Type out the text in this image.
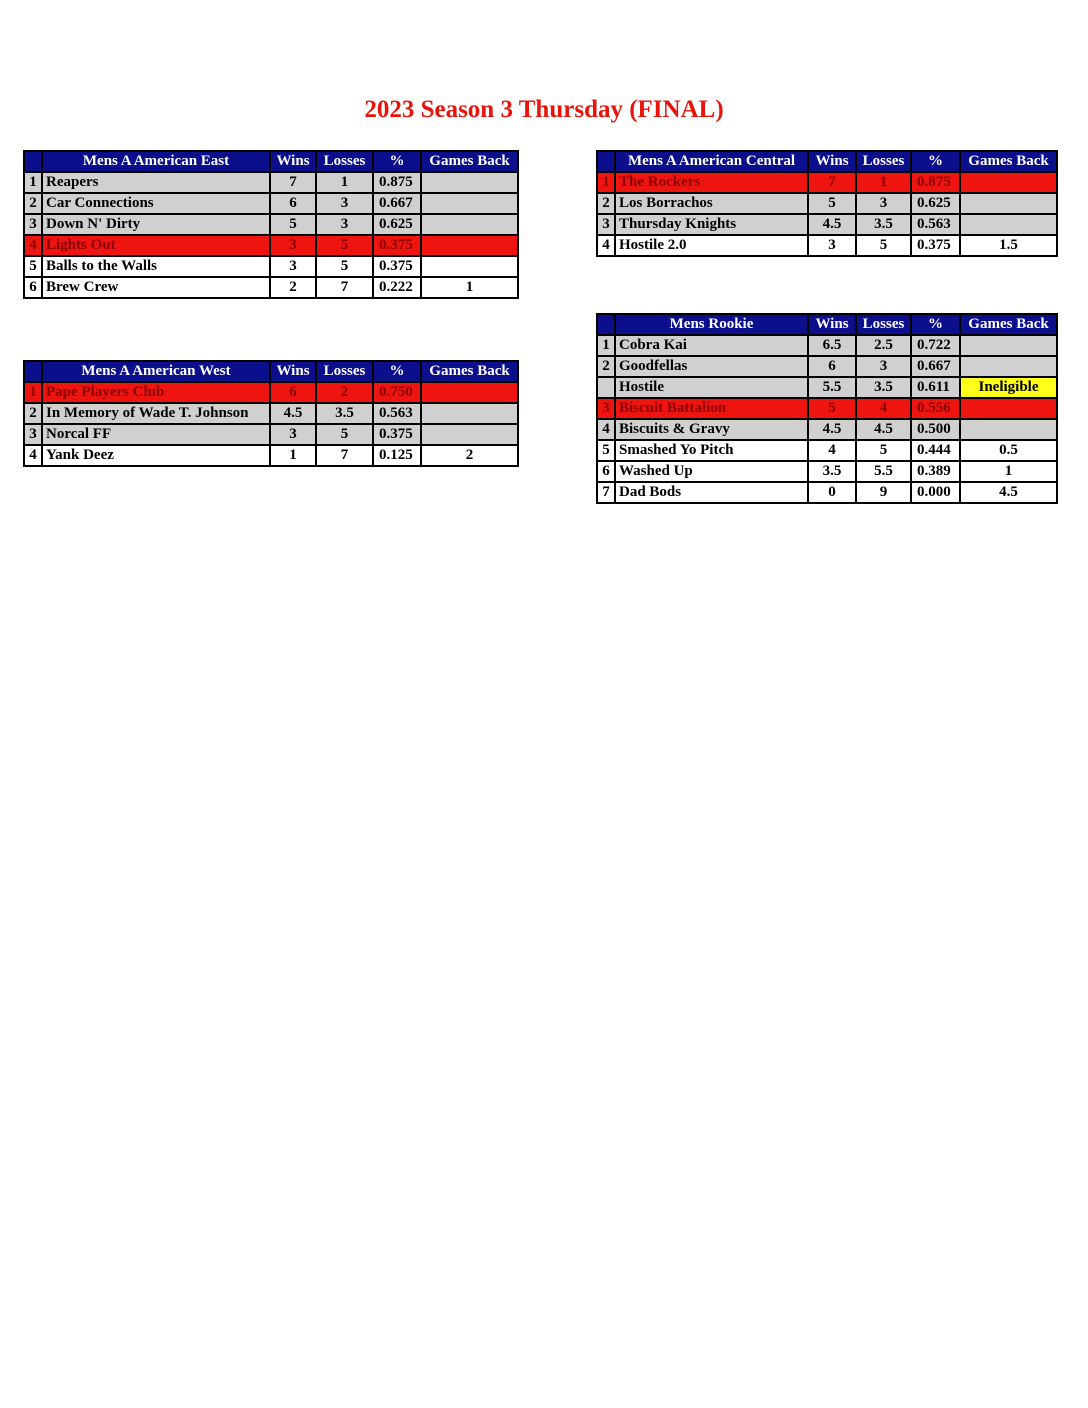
2023 Season 3 Thursday (FINAL)
	Mens A American East	Wins	Losses	%	Games Back
1	Reapers	7	1	0.875	
2	Car Connections	6	3	0.667	
3	Down N' Dirty	5	3	0.625	
4	Lights Out	3	5	0.375	
5	Balls to the Walls	3	5	0.375	
6	Brew Crew	2	7	0.222	1
	Mens A American West	Wins	Losses	%	Games Back
1	Pape Players Club	6	2	0.750	
2	In Memory of Wade T. Johnson	4.5	3.5	0.563	
3	Norcal FF	3	5	0.375	
4	Yank Deez	1	7	0.125	2
	Mens A American Central	Wins	Losses	%	Games Back
1	The Rockers	7	1	0.875	
2	Los Borrachos	5	3	0.625	
3	Thursday Knights	4.5	3.5	0.563	
4	Hostile 2.0	3	5	0.375	1.5
	Mens Rookie	Wins	Losses	%	Games Back
1	Cobra Kai	6.5	2.5	0.722	
2	Goodfellas	6	3	0.667	
	Hostile	5.5	3.5	0.611	Ineligible
3	Biscuit Battalion	5	4	0.556	
4	Biscuits & Gravy	4.5	4.5	0.500	
5	Smashed Yo Pitch	4	5	0.444	0.5
6	Washed Up	3.5	5.5	0.389	1
7	Dad Bods	0	9	0.000	4.5
